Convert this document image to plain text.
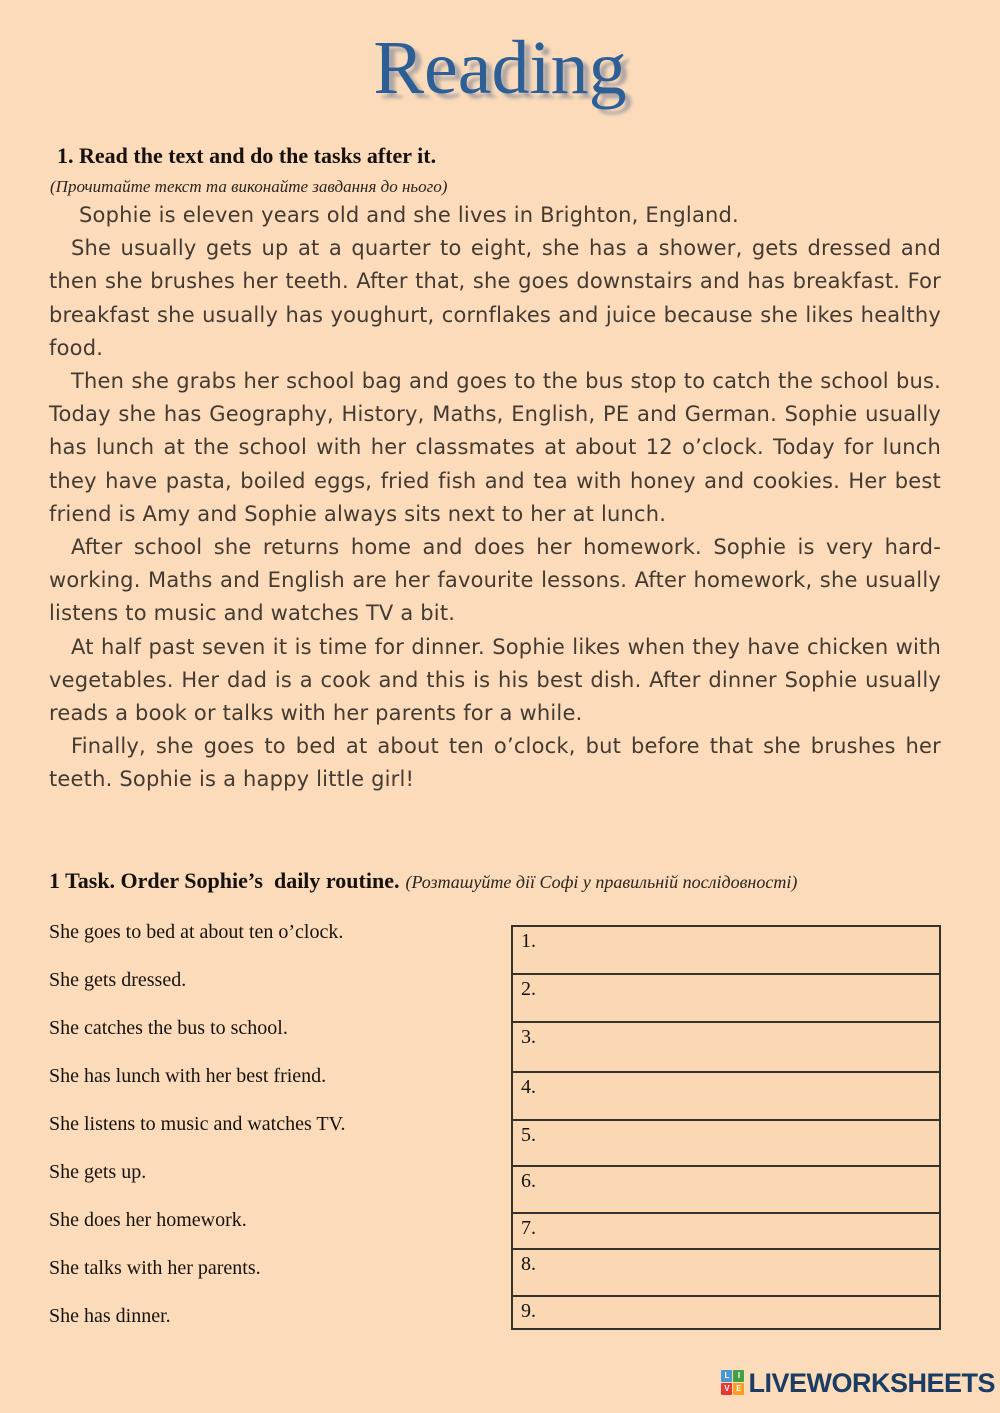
Reading
1. Read the text and do the tasks after it.
(Прочитайте текст та виконайте завдання до нього)

Sophie is eleven years old and she lives in Brighton, England.

She usually gets up at a quarter to eight, she has a shower, gets dressed and then she brushes her teeth. After that, she goes downstairs and has breakfast. For breakfast she usually has youghurt, cornflakes and juice because she likes healthy food.

Then she grabs her school bag and goes to the bus stop to catch the school bus. Today she has Geography, History, Maths, English, PE and German. Sophie usually has lunch at the school with her classmates at about 12 o’clock. Today for lunch they have pasta, boiled eggs, fried fish and tea with honey and cookies. Her best friend is Amy and Sophie always sits next to her at lunch.

After school she returns home and does her homework. Sophie is very hard-working. Maths and English are her favourite lessons. After homework, she usually listens to music and watches TV a bit.

At half past seven it is time for dinner. Sophie likes when they have chicken with vegetables. Her dad is a cook and this is his best dish. After dinner Sophie usually reads a book or talks with her parents for a while.

Finally, she goes to bed at about ten o’clock, but before that she brushes her teeth. Sophie is a happy little girl!

1 Task. Order Sophie’s  daily routine. (Розташуйте дії Софі у правильній послідовності)
She goes to bed at about ten o’clock.
She gets dressed.
She catches the bus to school.
She has lunch with her best friend.
She listens to music and watches TV.
She gets up.
She does her homework.
She talks with her parents.
She has dinner.
1.
2.
3.
4.
5.
6.
7.
8.
9.
L	I
V E LIVEWORKSHEETS
